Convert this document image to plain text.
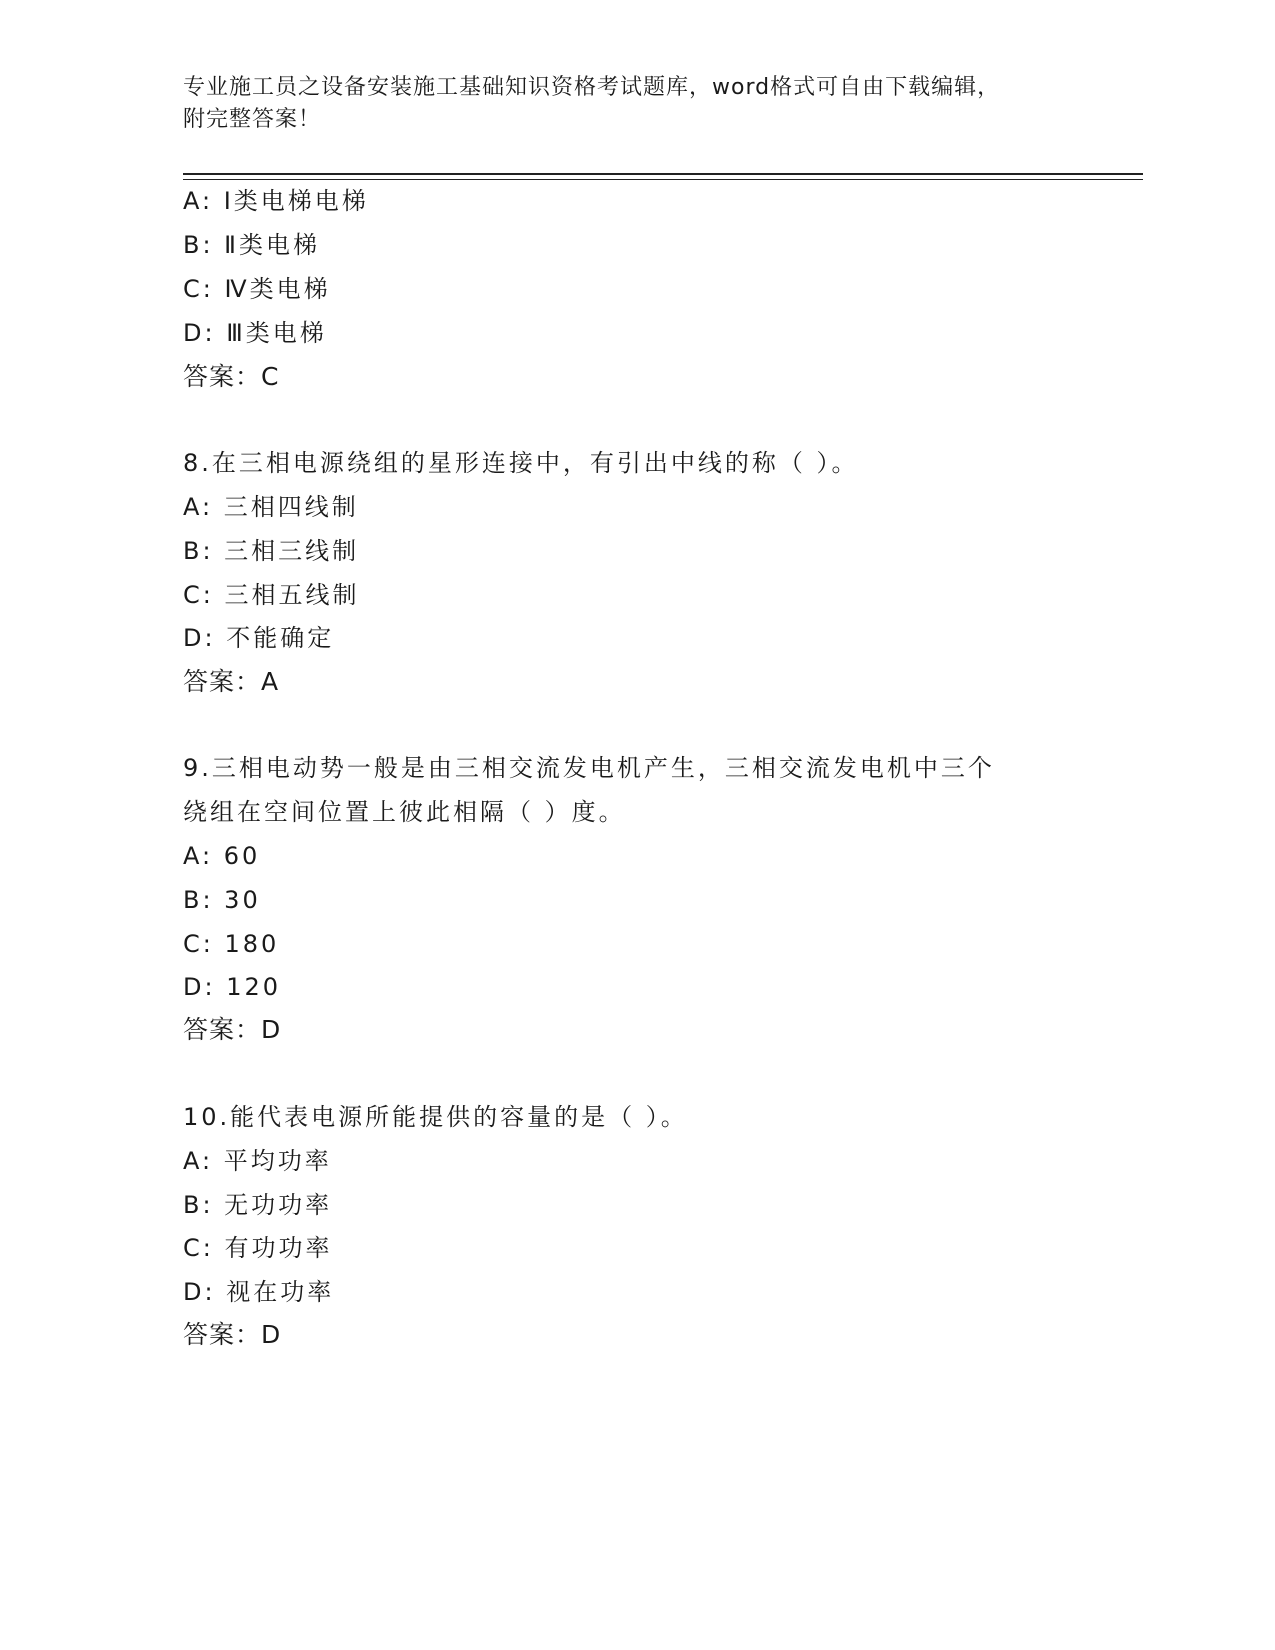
专业施工员之设备安装施工基础知识资格考试题库，word格式可自由下载编辑，
附完整答案！
A: Ⅰ类电梯电梯
B: Ⅱ类电梯
C: Ⅳ类电梯
D: Ⅲ类电梯
答案：C
8.在三相电源绕组的星形连接中，有引出中线的称（ ）。
A: 三相四线制
B: 三相三线制
C: 三相五线制
D: 不能确定
答案：A
9.三相电动势一般是由三相交流发电机产生，三相交流发电机中三个
绕组在空间位置上彼此相隔（ ）度。
A: 60
B: 30
C: 180
D: 120
答案：D
10.能代表电源所能提供的容量的是（ ）。
A: 平均功率
B: 无功功率
C: 有功功率
D: 视在功率
答案：D
